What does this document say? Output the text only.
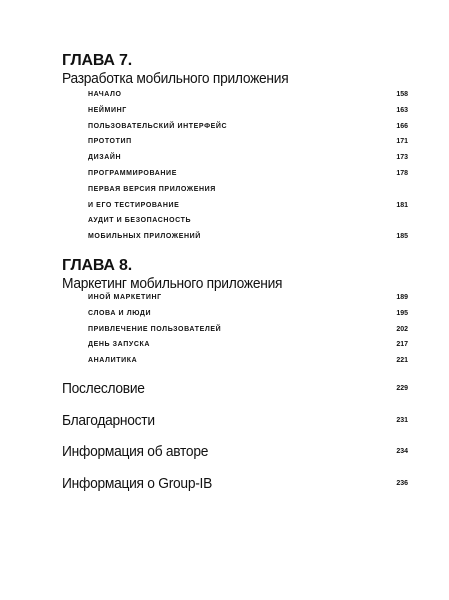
ГЛАВА 7.
Разработка мобильного приложения
НАЧАЛО	158
НЕЙМИНГ	163
ПОЛЬЗОВАТЕЛЬСКИЙ ИНТЕРФЕЙС	166
ПРОТОТИП	171
ДИЗАЙН	173
ПРОГРАММИРОВАНИЕ	178
ПЕРВАЯ ВЕРСИЯ ПРИЛОЖЕНИЯ
И ЕГО ТЕСТИРОВАНИЕ	181
АУДИТ И БЕЗОПАСНОСТЬ
МОБИЛЬНЫХ ПРИЛОЖЕНИЙ	185
ГЛАВА 8.
Маркетинг мобильного приложения
ИНОЙ МАРКЕТИНГ	189
СЛОВА И ЛЮДИ	195
ПРИВЛЕЧЕНИЕ ПОЛЬЗОВАТЕЛЕЙ	202
ДЕНЬ ЗАПУСКА	217
АНАЛИТИКА	221
Послесловие	229
Благодарности	231
Информация об авторе	234
Информация о Group-IB	236
